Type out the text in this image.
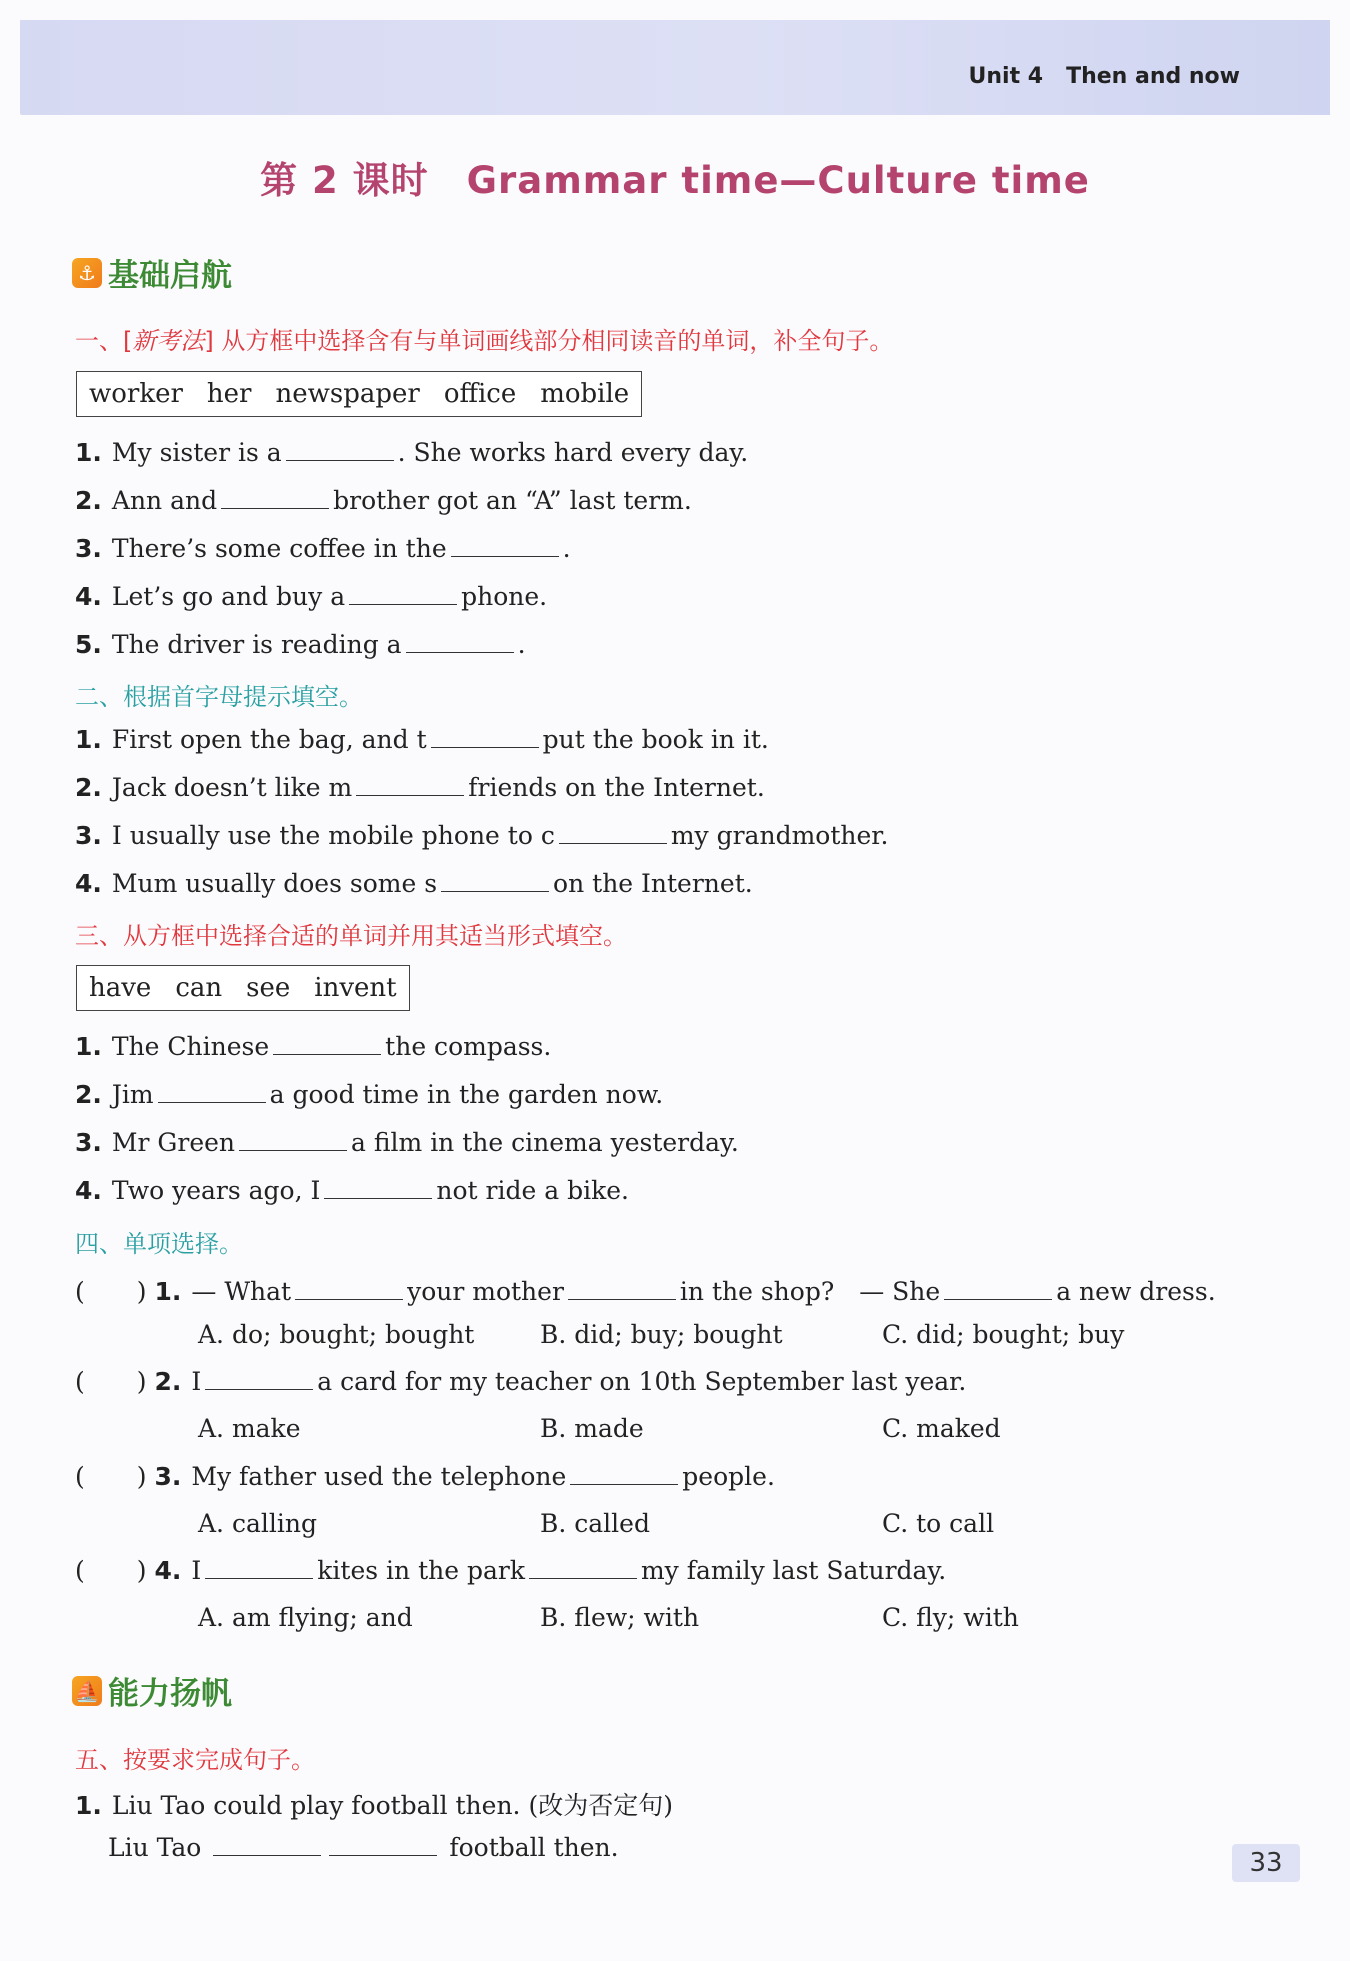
Unit 4 Then and now
第 2 课时　Grammar time—Culture time
⚓ 基础启航
一、[新考法] 从方框中选择含有与单词画线部分相同读音的单词，补全句子。
worker her newspaper office mobile
1. My sister is a	. She works hard every day.
2. Ann and	brother got an “A” last term.
3. There’s some coffee in the	.
4. Let’s go and buy a	phone.
5. The driver is reading a	.
二、根据首字母提示填空。
1. First open the bag, and t	put the book in it.
2. Jack doesn’t like m	friends on the Internet.
3. I usually use the mobile phone to c	my grandmother.
4. Mum usually does some s	on the Internet.
三、从方框中选择合适的单词并用其适当形式填空。
have can see invent
1. The Chinese	the compass.
2. Jim	a good time in the garden now.
3. Mr Green	a film in the cinema yesterday.
4. Two years ago, I	not ride a bike.
四、单项选择。
( ) 1. — What	your mother	in the shop?　— She	a new dress.
A. do; bought; bought	B. did; buy; bought	C. did; bought; buy
( ) 2. I	a card for my teacher on 10th September last year.
A. make	B. made	C. maked
( ) 3. My father used the telephone	people.
A. calling	B. called	C. to call
( ) 4. I	kites in the park	my family last Saturday.
A. am flying; and	B. flew; with	C. fly; with
⛵ 能力扬帆
五、按要求完成句子。
1. Liu Tao could play football then. (改为否定句)
Liu Tao	football then.
33
